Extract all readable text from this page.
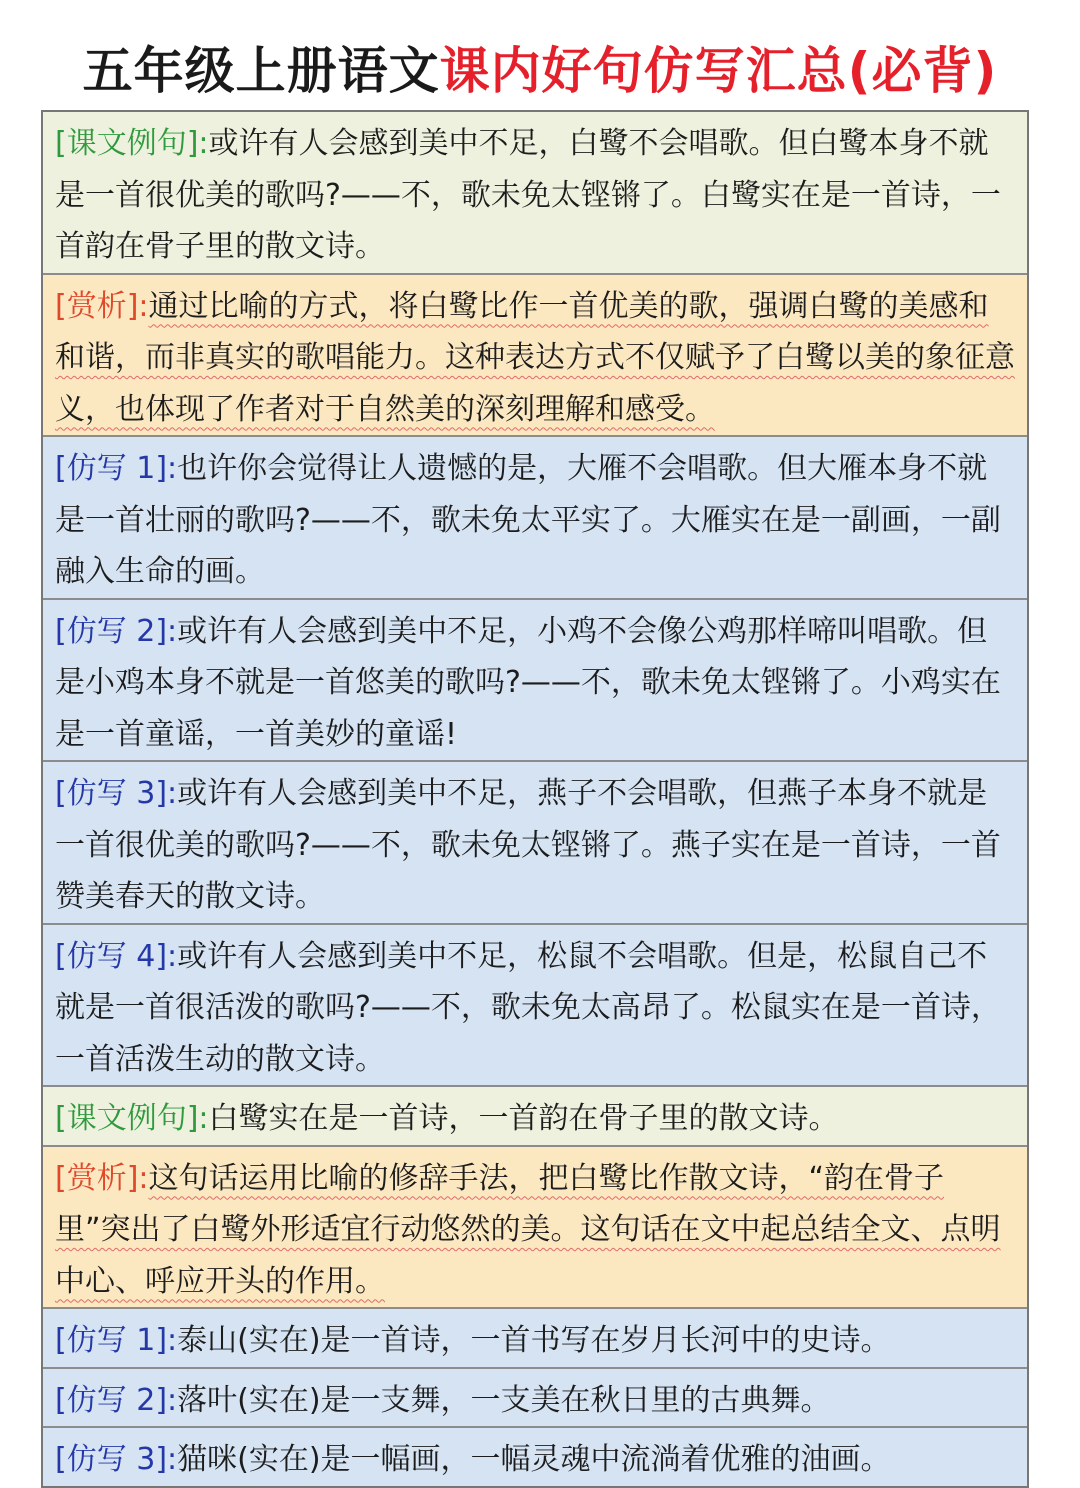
五年级上册语文课内好句仿写汇总(必背)
[课文例句]:或许有人会感到美中不足，白鹭不会唱歌。但白鹭本身不就是一首很优美的歌吗?——不，歌未免太铿锵了。白鹭实在是一首诗，一首韵在骨子里的散文诗。
[赏析]:通过比喻的方式，将白鹭比作一首优美的歌，强调白鹭的美感和和谐，而非真实的歌唱能力。这种表达方式不仅赋予了白鹭以美的象征意义，也体现了作者对于自然美的深刻理解和感受。
[仿写 1]:也许你会觉得让人遗憾的是，大雁不会唱歌。但大雁本身不就是一首壮丽的歌吗?——不，歌未免太平实了。大雁实在是一副画，一副融入生命的画。
[仿写 2]:或许有人会感到美中不足，小鸡不会像公鸡那样啼叫唱歌。但是小鸡本身不就是一首悠美的歌吗?——不，歌未免太铿锵了。小鸡实在是一首童谣，一首美妙的童谣!
[仿写 3]:或许有人会感到美中不足，燕子不会唱歌，但燕子本身不就是一首很优美的歌吗?——不，歌未免太铿锵了。燕子实在是一首诗，一首赞美春天的散文诗。
[仿写 4]:或许有人会感到美中不足，松鼠不会唱歌。但是，松鼠自己不就是一首很活泼的歌吗?——不，歌未免太高昂了。松鼠实在是一首诗，一首活泼生动的散文诗。
[课文例句]:白鹭实在是一首诗，一首韵在骨子里的散文诗。
[赏析]:这句话运用比喻的修辞手法，把白鹭比作散文诗，“韵在骨子里”突出了白鹭外形适宜行动悠然的美。这句话在文中起总结全文、点明中心、呼应开头的作用。
[仿写 1]:泰山(实在)是一首诗，一首书写在岁月长河中的史诗。
[仿写 2]:落叶(实在)是一支舞，一支美在秋日里的古典舞。
[仿写 3]:猫咪(实在)是一幅画，一幅灵魂中流淌着优雅的油画。
